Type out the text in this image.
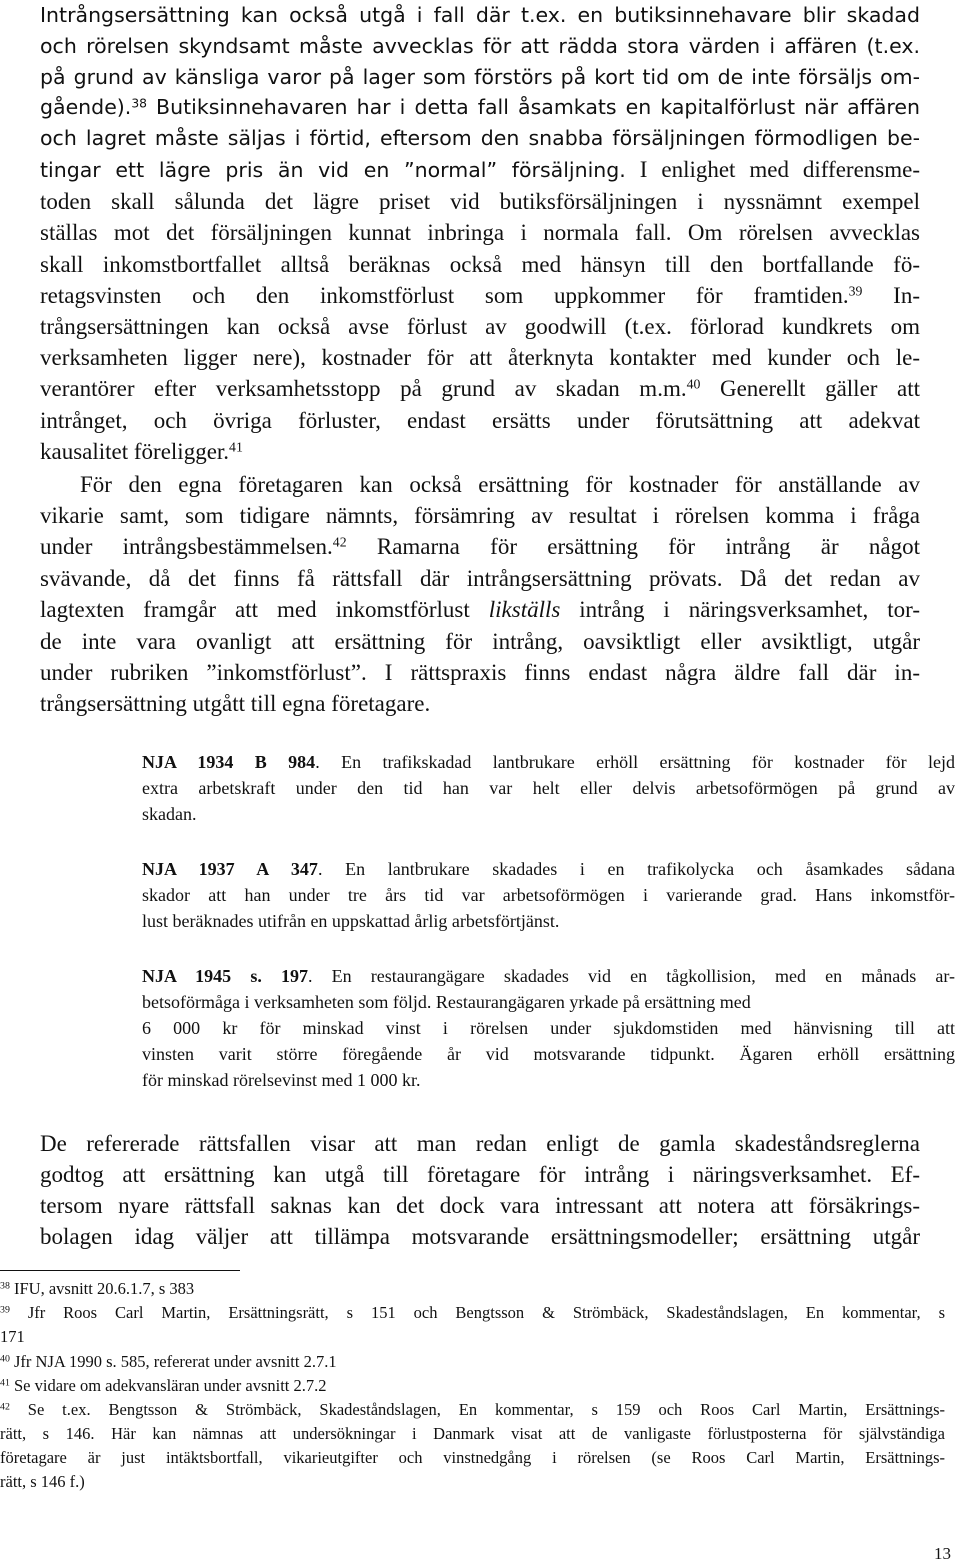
Intrångsersättning kan också utgå i fall där t.ex. en butiksinnehavare blir skadad
och rörelsen skyndsamt måste avvecklas för att rädda stora värden i affären (t.ex.
på grund av känsliga varor på lager som förstörs på kort tid om de inte försäljs om-
gående).$^{38}$ Butiksinnehavaren har i detta fall åsamkats en kapitalförlust när affären
och lagret måste säljas i förtid, eftersom den snabba försäljningen förmodligen be-
tingar ett lägre pris än vid en ”normal” försäljning. I enlighet med differensme-
toden skall sålunda det lägre priset vid butiksförsäljningen i nyssnämnt exempel
ställas mot det försäljningen kunnat inbringa i normala fall. Om rörelsen avvecklas
skall inkomstbortfallet alltså beräknas också med hänsyn till den bortfallande fö-
retagsvinsten och den inkomstförlust som uppkommer för framtiden.$^{39}$ In-
trångsersättningen kan också avse förlust av goodwill (t.ex. förlorad kundkrets om
verksamheten ligger nere), kostnader för att återknyta kontakter med kunder och le-
verantörer efter verksamhetsstopp på grund av skadan m.m.$^{40}$ Generellt gäller att
intrånget, och övriga förluster, endast ersätts under förutsättning att adekvat
kausalitet föreligger.$^{41}$
För den egna företagaren kan också ersättning för kostnader för anställande av
vikarie samt, som tidigare nämnts, försämring av resultat i rörelsen komma i fråga
under intrångsbestämmelsen.$^{42}$ Ramarna för ersättning för intrång är något
svävande, då det finns få rättsfall där intrångsersättning prövats. Då det redan av
lagtexten framgår att med inkomstförlust likställs intrång i näringsverksamhet, tor-
de inte vara ovanligt att ersättning för intrång, oavsiktligt eller avsiktligt, utgår
under rubriken ”inkomstförlust”. I rättspraxis finns endast några äldre fall där in-
trångsersättning utgått till egna företagare.
NJA 1934 B 984. En trafikskadad lantbrukare erhöll ersättning för kostnader för lejd
extra arbetskraft under den tid han var helt eller delvis arbetsoförmögen på grund av
skadan.
NJA 1937 A 347. En lantbrukare skadades i en trafikolycka och åsamkades sådana
skador att han under tre års tid var arbetsoförmögen i varierande grad. Hans inkomstför-
lust beräknades utifrån en uppskattad årlig arbetsförtjänst.
NJA 1945 s. 197. En restaurangägare skadades vid en tågkollision, med en månads ar-
betsoförmåga i verksamheten som följd. Restaurangägaren yrkade på ersättning med
6 000 kr för minskad vinst i rörelsen under sjukdomstiden med hänvisning till att
vinsten varit större föregående år vid motsvarande tidpunkt. Ägaren erhöll ersättning
för minskad rörelsevinst med 1 000 kr.
De refererade rättsfallen visar att man redan enligt de gamla skadeståndsreglerna
godtog att ersättning kan utgå till företagare för intrång i näringsverksamhet. Ef-
tersom nyare rättsfall saknas kan det dock vara intressant att notera att försäkrings-
bolagen idag väljer att tillämpa motsvarande ersättningsmodeller; ersättning utgår
$^{38}$ IFU, avsnitt 20.6.1.7, s 383
$^{39}$ Jfr Roos Carl Martin, Ersättningsrätt, s 151 och Bengtsson & Strömbäck, Skadeståndslagen, En kommentar, s
171
$^{40}$ Jfr NJA 1990 s. 585, refererat under avsnitt 2.7.1
$^{41}$ Se vidare om adekvansläran under avsnitt 2.7.2
$^{42}$ Se t.ex. Bengtsson & Strömbäck, Skadeståndslagen, En kommentar, s 159 och Roos Carl Martin, Ersättnings-
rätt, s 146. Här kan nämnas att undersökningar i Danmark visat att de vanligaste förlustposterna för självständiga
företagare är just intäktsbortfall, vikarieutgifter och vinstnedgång i rörelsen (se Roos Carl Martin, Ersättnings-
rätt, s 146 f.)
13
